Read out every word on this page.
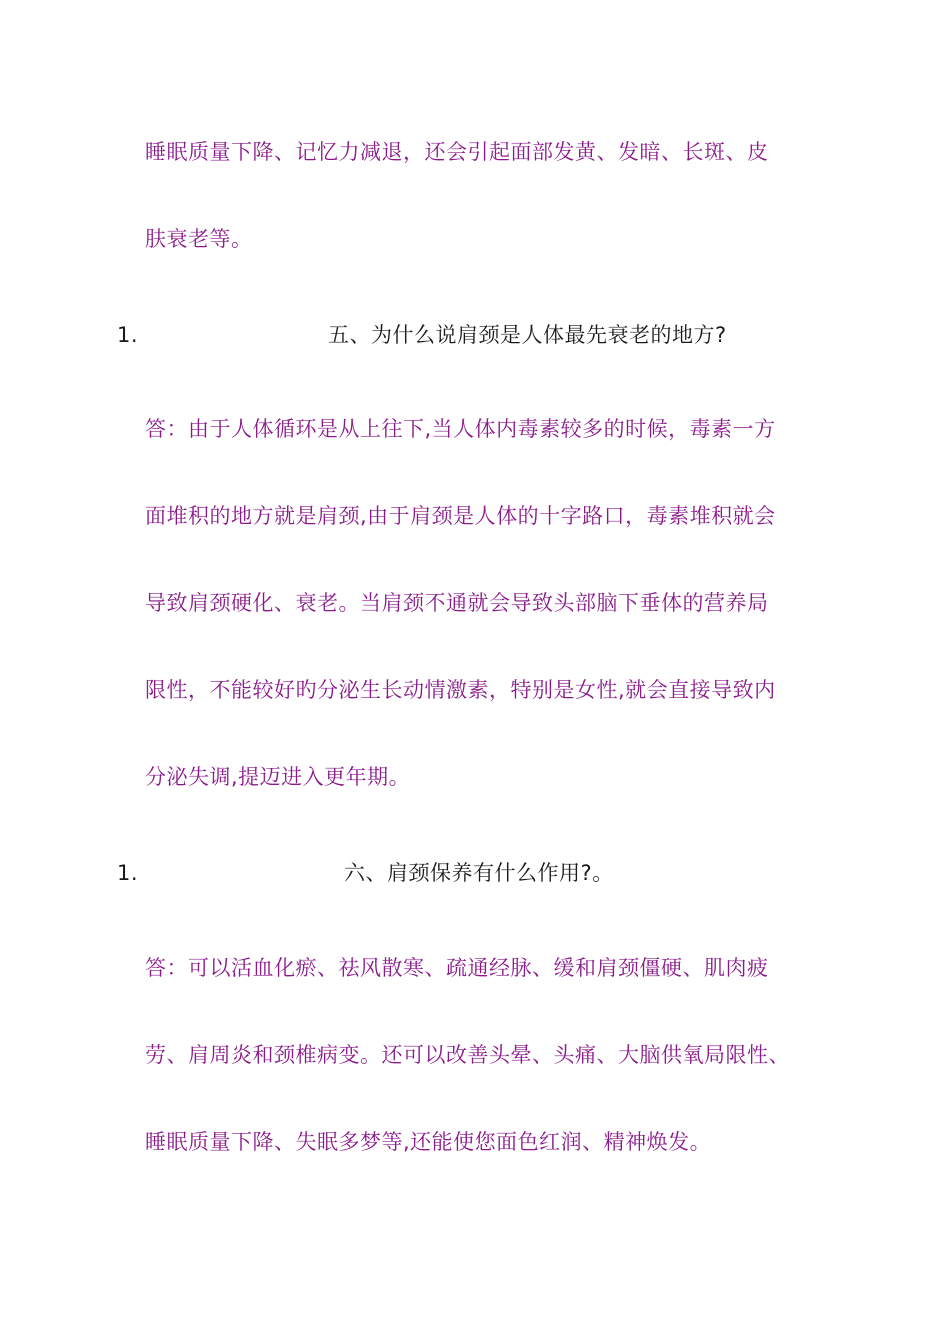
睡眠质量下降、记忆力减退，还会引起面部发黄、发暗、长斑、皮
肤衰老等。
1.	五、为什么说肩颈是人体最先衰老的地方?
答：由于人体循环是从上往下,当人体内毒素较多的时候，毒素一方
面堆积的地方就是肩颈,由于肩颈是人体的十字路口，毒素堆积就会
导致肩颈硬化、衰老。当肩颈不通就会导致头部脑下垂体的营养局
限性，不能较好旳分泌生长动情激素，特别是女性,就会直接导致内
分泌失调,提迈进入更年期。
1.	六、肩颈保养有什么作用?。
答：可以活血化瘀、祛风散寒、疏通经脉、缓和肩颈僵硬、肌肉疲
劳、肩周炎和颈椎病变。还可以改善头晕、头痛、大脑供氧局限性、
睡眠质量下降、失眠多梦等,还能使您面色红润、精神焕发。
